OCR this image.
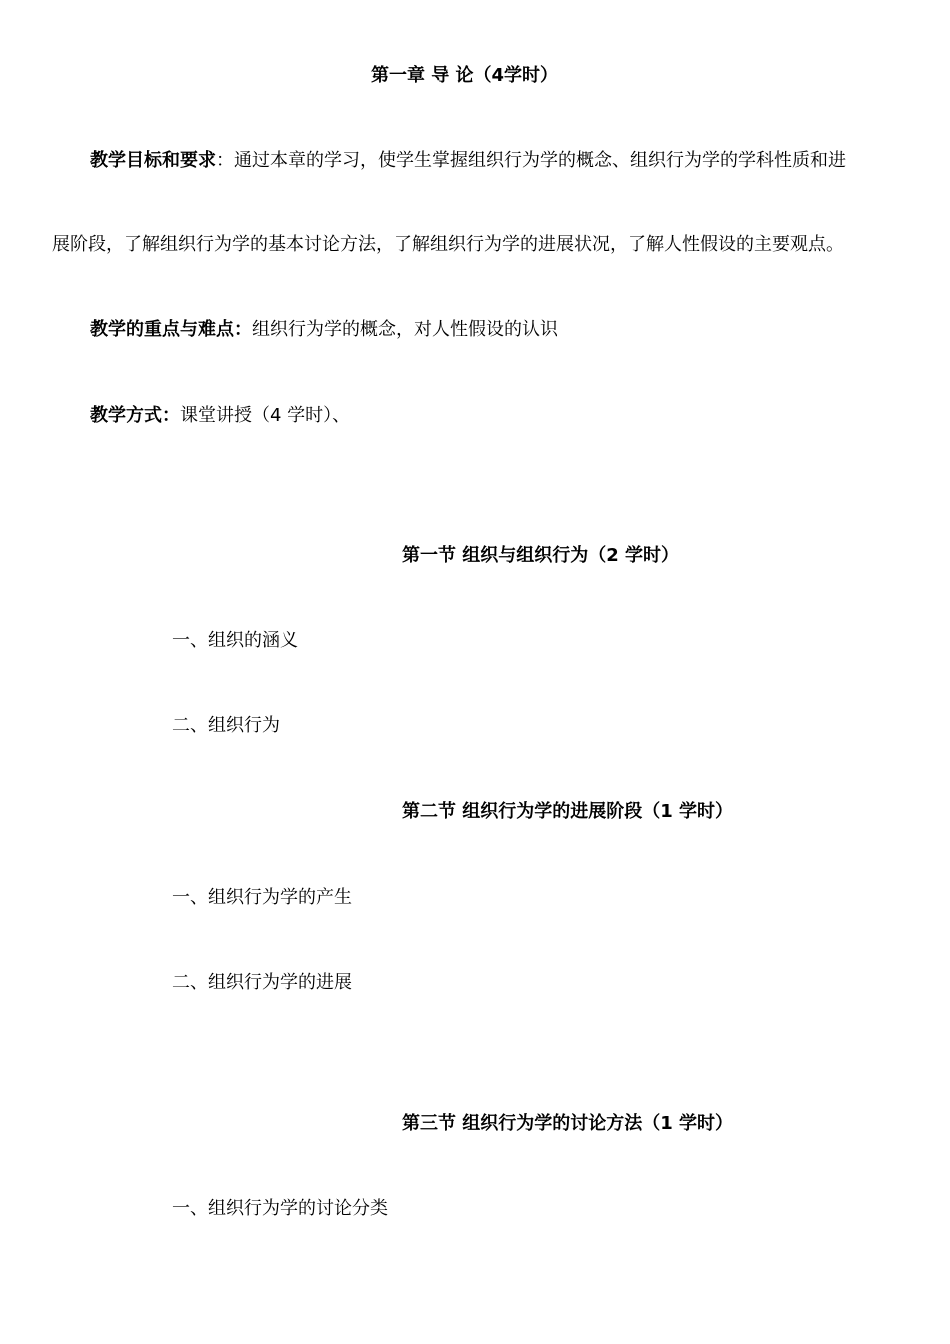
第一章 导 论（4学时）
教学目标和要求：通过本章的学习，使学生掌握组织行为学的概念、组织行为学的学科性质和进
展阶段，了解组织行为学的基本讨论方法，了解组织行为学的进展状况，了解人性假设的主要观点。
教学的重点与难点：组织行为学的概念，对人性假设的认识
教学方式：课堂讲授（4 学时）、
第一节 组织与组织行为（2 学时）
一、组织的涵义
二、组织行为
第二节 组织行为学的进展阶段（1 学时）
一、组织行为学的产生
二、组织行为学的进展
第三节 组织行为学的讨论方法（1 学时）
一、组织行为学的讨论分类
